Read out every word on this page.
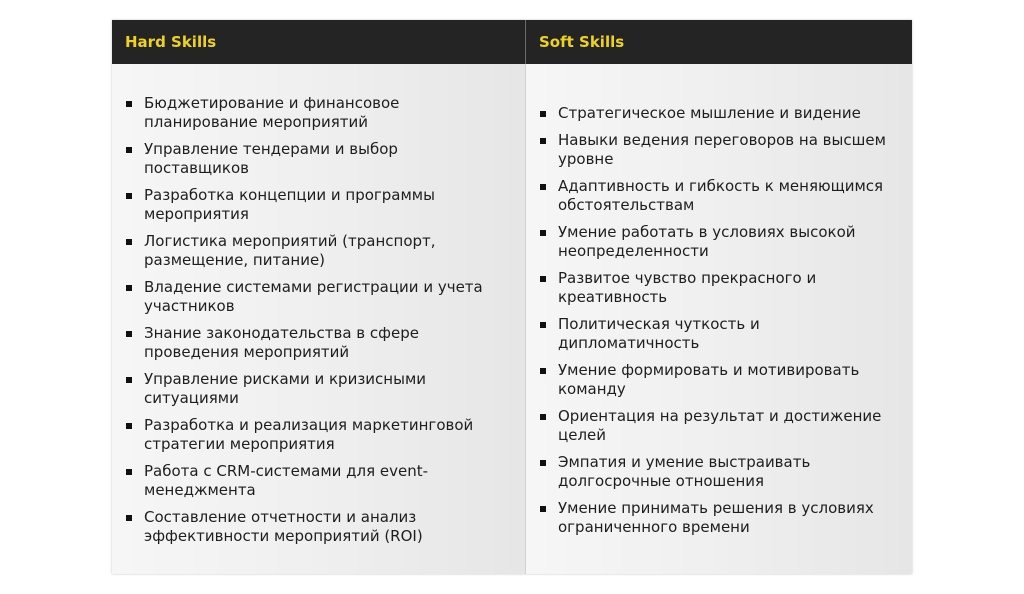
Hard Skills	Soft Skills
Бюджетирование и финансовое планирование мероприятий
Управление тендерами и выбор поставщиков
Разработка концепции и программы мероприятия
Логистика мероприятий (транспорт, размещение, питание)
Владение системами регистрации и учета участников
Знание законодательства в сфере проведения мероприятий
Управление рисками и кризисными ситуациями
Разработка и реализация маркетинговой стратегии мероприятия
Работа с CRM-системами для event-менеджмента
Составление отчетности и анализ эффективности мероприятий (ROI)
Стратегическое мышление и видение
Навыки ведения переговоров на высшем уровне
Адаптивность и гибкость к меняющимся обстоятельствам
Умение работать в условиях высокой неопределенности
Развитое чувство прекрасного и креативность
Политическая чуткость и дипломатичность
Умение формировать и мотивировать команду
Ориентация на результат и достижение целей
Эмпатия и умение выстраивать долгосрочные отношения
Умение принимать решения в условиях ограниченного времени
